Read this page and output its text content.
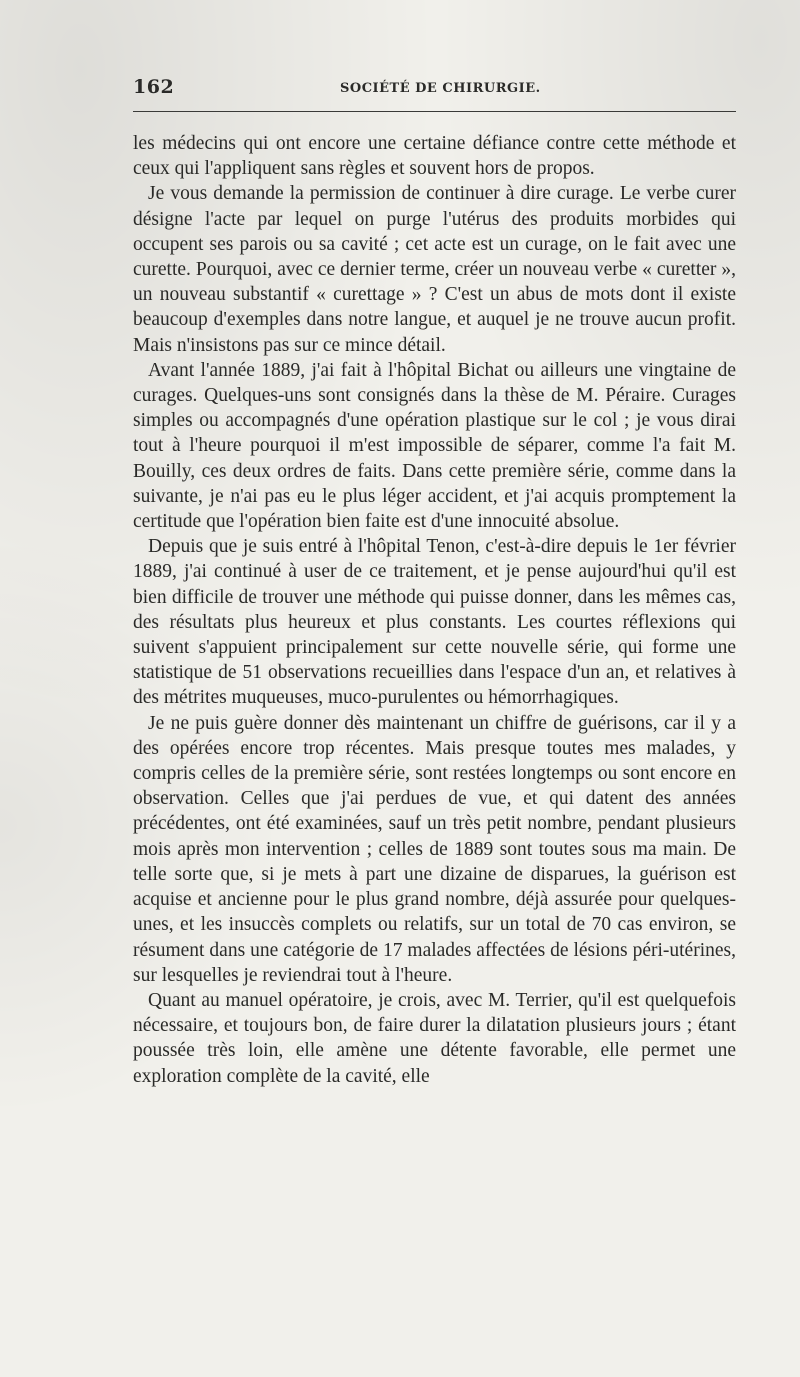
162	SOCIÉTÉ DE CHIRURGIE.

les médecins qui ont encore une certaine défiance contre cette méthode et ceux qui l'appliquent sans règles et souvent hors de propos.

Je vous demande la permission de continuer à dire curage. Le verbe curer désigne l'acte par lequel on purge l'utérus des produits morbides qui occupent ses parois ou sa cavité ; cet acte est un curage, on le fait avec une curette. Pourquoi, avec ce dernier terme, créer un nouveau verbe « curetter », un nouveau substantif « curettage » ? C'est un abus de mots dont il existe beaucoup d'exemples dans notre langue, et auquel je ne trouve aucun profit. Mais n'insistons pas sur ce mince détail.

Avant l'année 1889, j'ai fait à l'hôpital Bichat ou ailleurs une vingtaine de curages. Quelques-uns sont consignés dans la thèse de M. Péraire. Curages simples ou accompagnés d'une opération plastique sur le col ; je vous dirai tout à l'heure pourquoi il m'est impossible de séparer, comme l'a fait M. Bouilly, ces deux ordres de faits. Dans cette première série, comme dans la suivante, je n'ai pas eu le plus léger accident, et j'ai acquis promptement la certitude que l'opération bien faite est d'une innocuité absolue.

Depuis que je suis entré à l'hôpital Tenon, c'est-à-dire depuis le 1er février 1889, j'ai continué à user de ce traitement, et je pense aujourd'hui qu'il est bien difficile de trouver une méthode qui puisse donner, dans les mêmes cas, des résultats plus heureux et plus constants. Les courtes réflexions qui suivent s'appuient principalement sur cette nouvelle série, qui forme une statistique de 51 observations recueillies dans l'espace d'un an, et relatives à des métrites muqueuses, muco-purulentes ou hémorrhagiques.

Je ne puis guère donner dès maintenant un chiffre de guérisons, car il y a des opérées encore trop récentes. Mais presque toutes mes malades, y compris celles de la première série, sont restées longtemps ou sont encore en observation. Celles que j'ai perdues de vue, et qui datent des années précédentes, ont été examinées, sauf un très petit nombre, pendant plusieurs mois après mon intervention ; celles de 1889 sont toutes sous ma main. De telle sorte que, si je mets à part une dizaine de disparues, la guérison est acquise et ancienne pour le plus grand nombre, déjà assurée pour quelques-unes, et les insuccès complets ou relatifs, sur un total de 70 cas environ, se résument dans une catégorie de 17 malades affectées de lésions péri-utérines, sur lesquelles je reviendrai tout à l'heure.

Quant au manuel opératoire, je crois, avec M. Terrier, qu'il est quelquefois nécessaire, et toujours bon, de faire durer la dilatation plusieurs jours ; étant poussée très loin, elle amène une détente favorable, elle permet une exploration complète de la cavité, elle
